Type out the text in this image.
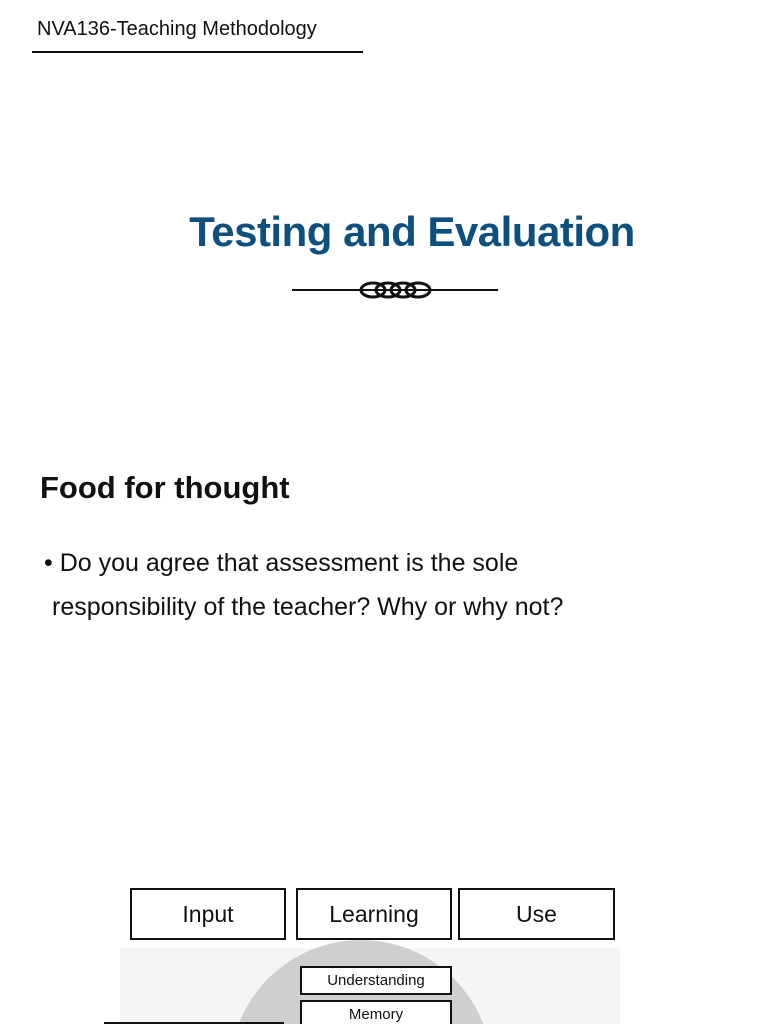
NVA136-Teaching Methodology
Testing and Evaluation
Food for thought
• Do you agree that assessment is the sole
responsibility of the teacher? Why or why not?
Input	Learning	Use
Understanding
Memory
